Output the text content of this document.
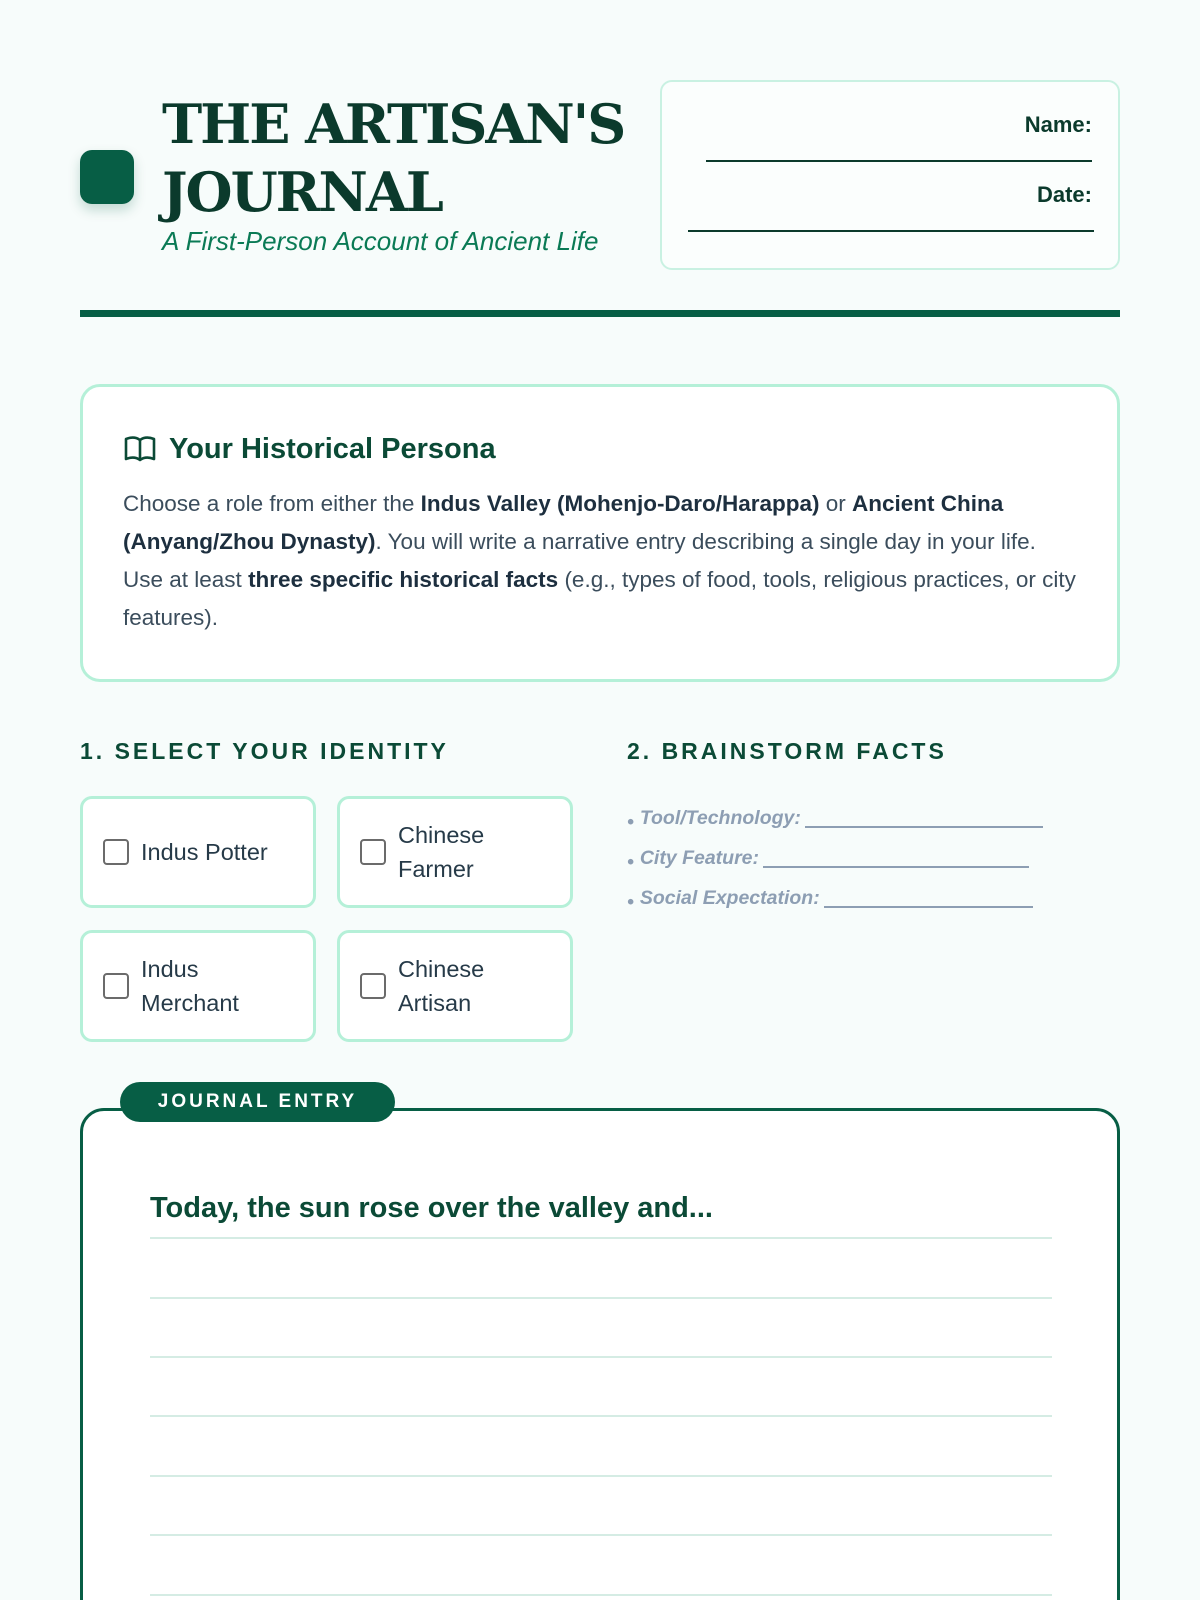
THE ARTISAN'S JOURNAL
A First-Person Account of Ancient Life
Name:
Date:
Your Historical Persona

Choose a role from either the Indus Valley (Mohenjo-Daro/Harappa) or Ancient China (Anyang/Zhou Dynasty). You will write a narrative entry describing a single day in your life. Use at least three specific historical facts (e.g., types of food, tools, religious practices, or city features).

1. SELECT YOUR IDENTITY	2. BRAINSTORM FACTS
Indus Potter
Chinese Farmer
Indus Merchant
Chinese Artisan
• Tool/Technology:
• City Feature:
• Social Expectation:
JOURNAL ENTRY
Today, the sun rose over the valley and...
